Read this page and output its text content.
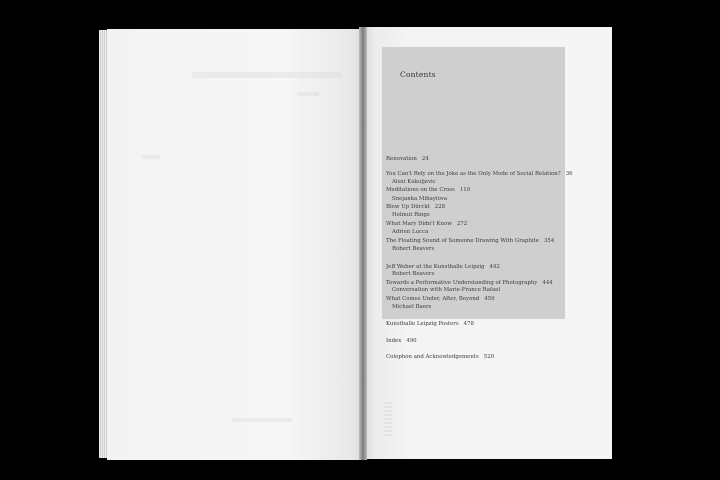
Contents
Renovation 24
You Can't Rely on the Joke as the Only Mode of Social Relation? 36
Alexi Kukuljevic
Meditations on the Cross 110
Snejanka Mihaylova
Blow Up Dürckt 228
Helmut Rings
What Mary Didn't Know 272
Adrien Lucca
The Floating Sound of Someone Drawing With Graphite 354
Robert Beavers
Jeff Weber at the Kunsthalle Leipzig 442
Robert Beavers
Towards a Performative Understanding of Photography 444
Conversation with Marie-France Rafael
What Comes Under, After, Beyond 459
Michael Baers
Kunsthalle Leipzig Posters 478
Index 490
Colophon and Acknowledgements 520
